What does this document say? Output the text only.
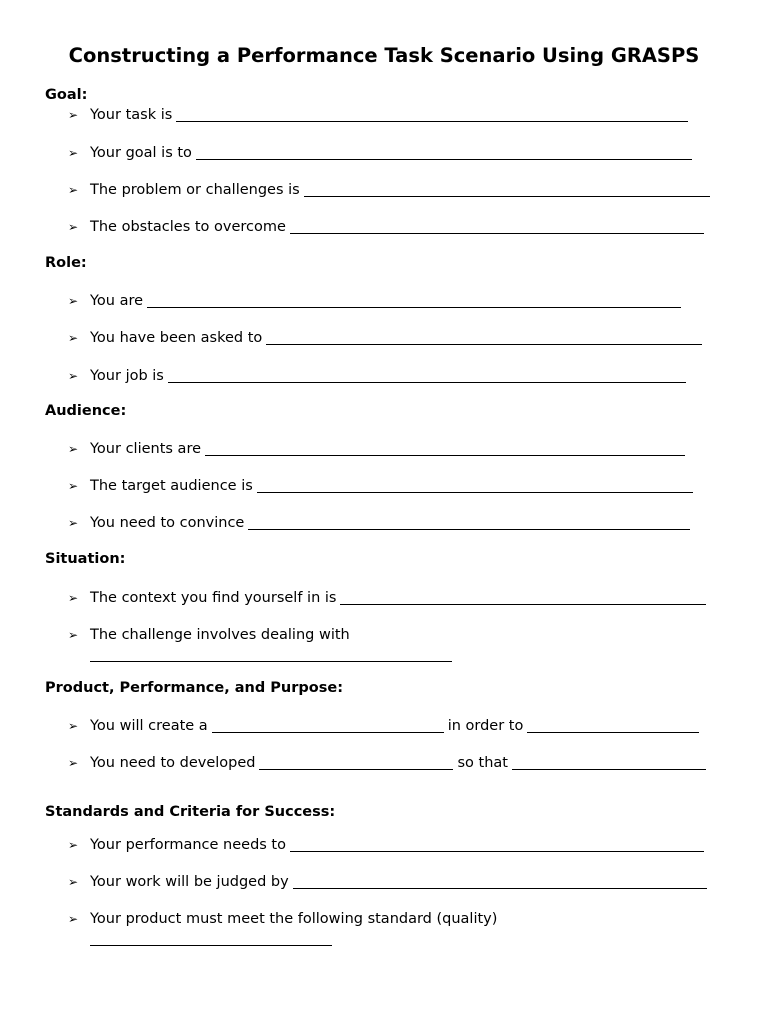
Constructing a Performance Task Scenario Using GRASPS
Goal:
➢ Your task is
➢ Your goal is to
➢ The problem or challenges is
➢ The obstacles to overcome
Role:
➢ You are
➢ You have been asked to
➢ Your job is
Audience:
➢ Your clients are
➢ The target audience is
➢ You need to convince
Situation:
➢ The context you find yourself in is
➢ The challenge involves dealing with
Product, Performance, and Purpose:
➢ You will create a	in order to
➢ You need to developed	so that
Standards and Criteria for Success:
➢ Your performance needs to
➢ Your work will be judged by
➢ Your product must meet the following standard (quality)
